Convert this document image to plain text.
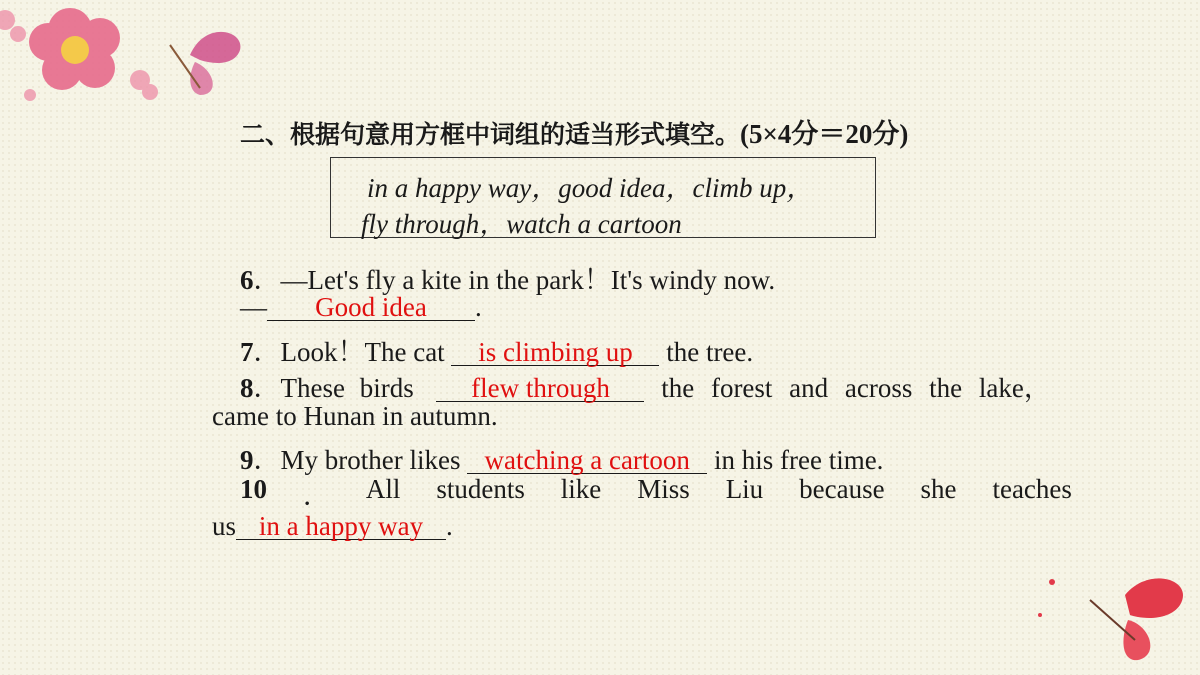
二、根据句意用方框中词组的适当形式填空。(5×4分＝20分)
in a happy way，good idea，climb up，
fly through，watch a cartoon
6．—Let's fly a kite in the park！It's windy now.
— Good idea .
7．Look！The cat is climbing up the tree.
8．These birds flew through the forest and across the lake，
came to Hunan in autumn.
9．My brother likes watching a cartoon in his free time.
10 ． All students like Miss Liu because she teaches
us in a happy way .
